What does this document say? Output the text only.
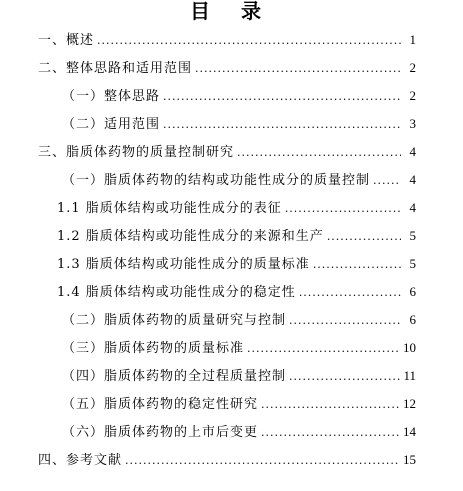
目 录
一、概述 .....	1
二、整体思路和适用范围 .....	2
（一）整体思路 .....	2
（二）适用范围 .....	3
三、脂质体药物的质量控制研究 .....	4
（一）脂质体药物的结构或功能性成分的质量控制 .....	4
1.1 脂质体结构或功能性成分的表征 .....	4
1.2 脂质体结构或功能性成分的来源和生产 .....	5
1.3 脂质体结构或功能性成分的质量标准 .....	5
1.4 脂质体结构或功能性成分的稳定性 .....	6
（二）脂质体药物的质量研究与控制 .....	6
（三）脂质体药物的质量标准 .....	10
（四）脂质体药物的全过程质量控制 .....	11
（五）脂质体药物的稳定性研究 .....	12
（六）脂质体药物的上市后变更 .....	14
四、参考文献 .....	15
